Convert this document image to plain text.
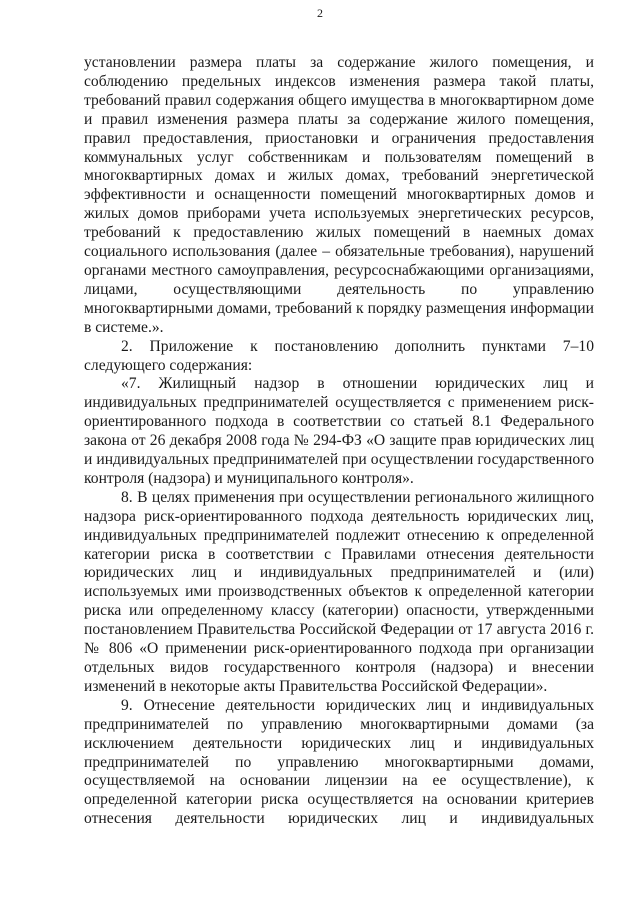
2

установлении размера платы за содержание жилого помещения, и соблюдению предельных индексов изменения размера такой платы, требований правил содержания общего имущества в многоквартирном доме и правил изменения размера платы за содержание жилого помещения, правил предоставления, приостановки и ограничения предоставления коммунальных услуг собственникам и пользователям помещений в многоквартирных домах и жилых домах, требований энергетической эффективности и оснащенности помещений многоквартирных домов и жилых домов приборами учета используемых энергетических ресурсов, требований к предоставлению жилых помещений в наемных домах социального использования (далее – обязательные требования), нарушений органами местного самоуправления, ресурсоснабжающими организациями, лицами, осуществляющими деятельность по управлению многоквартирными домами, требований к порядку размещения информации в системе.».

2. Приложение к постановлению дополнить пунктами 7–10 следующего содержания:

«7. Жилищный надзор в отношении юридических лиц и индивидуальных предпринимателей осуществляется с применением риск-ориентированного подхода в соответствии со статьей 8.1 Федерального закона от 26 декабря 2008 года № 294-ФЗ «О защите прав юридических лиц и индивидуальных предпринимателей при осуществлении государственного контроля (надзора) и муниципального контроля».

8. В целях применения при осуществлении регионального жилищного надзора риск-ориентированного подхода деятельность юридических лиц, индивидуальных предпринимателей подлежит отнесению к определенной категории риска в соответствии с Правилами отнесения деятельности юридических лиц и индивидуальных предпринимателей и (или) используемых ими производственных объектов к определенной категории риска или определенному классу (категории) опасности, утвержденными постановлением Правительства Российской Федерации от 17 августа 2016 г. № 806 «О применении риск-ориентированного подхода при организации отдельных видов государственного контроля (надзора) и внесении изменений в некоторые акты Правительства Российской Федерации».

9. Отнесение деятельности юридических лиц и индивидуальных предпринимателей по управлению многоквартирными домами (за исключением деятельности юридических лиц и индивидуальных предпринимателей по управлению многоквартирными домами, осуществляемой на основании лицензии на ее осуществление), к определенной категории риска осуществляется на основании критериев отнесения деятельности юридических лиц и индивидуальных
